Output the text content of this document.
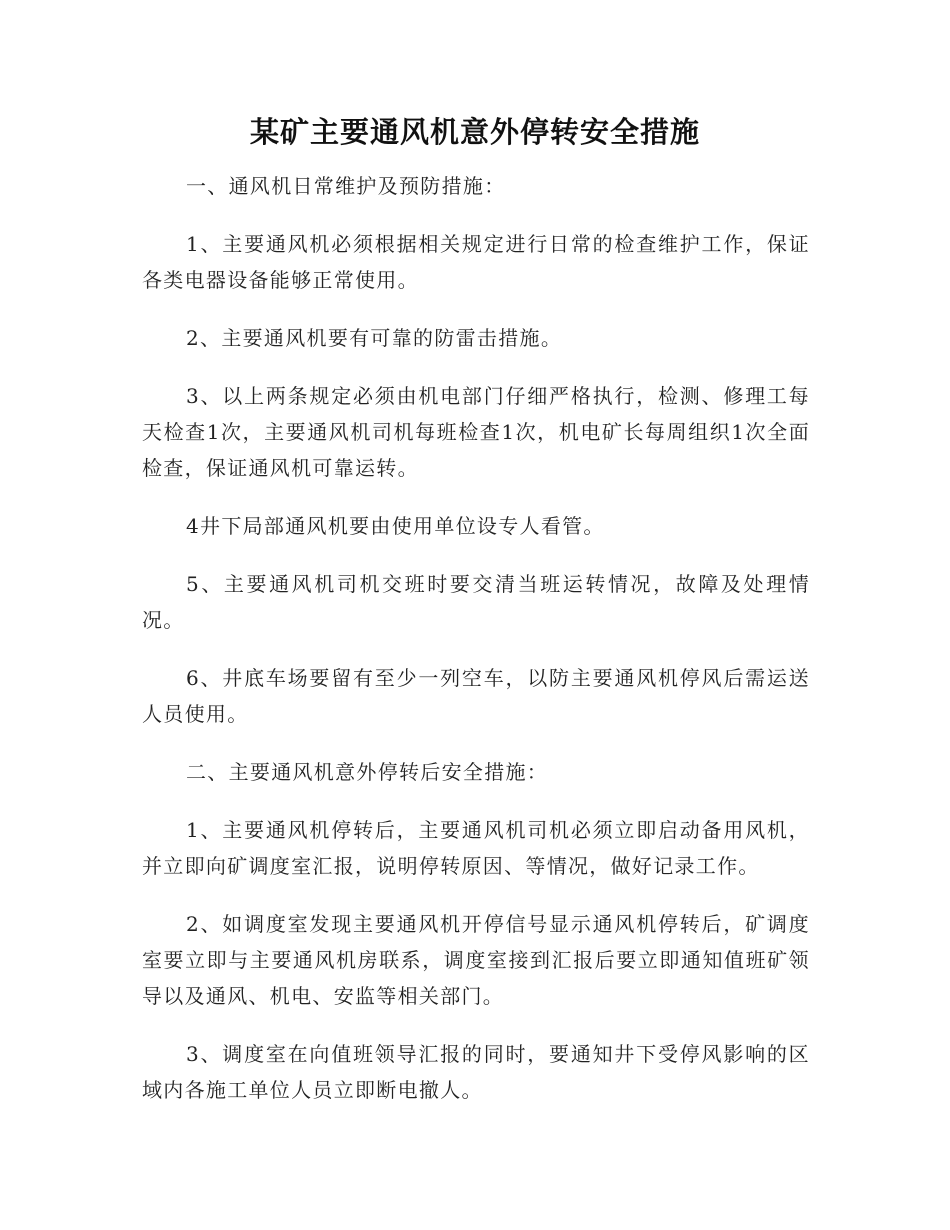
某矿主要通风机意外停转安全措施

一、通风机日常维护及预防措施：

1、主要通风机必须根据相关规定进行日常的检查维护工作，保证各类电器设备能够正常使用。

2、主要通风机要有可靠的防雷击措施。

3、以上两条规定必须由机电部门仔细严格执行，检测、修理工每天检查1次，主要通风机司机每班检查1次，机电矿长每周组织1次全面检查，保证通风机可靠运转。

4井下局部通风机要由使用单位设专人看管。

5、主要通风机司机交班时要交清当班运转情况，故障及处理情况。

6、井底车场要留有至少一列空车，以防主要通风机停风后需运送人员使用。

二、主要通风机意外停转后安全措施：

1、主要通风机停转后，主要通风机司机必须立即启动备用风机，并立即向矿调度室汇报，说明停转原因、等情况，做好记录工作。

2、如调度室发现主要通风机开停信号显示通风机停转后，矿调度室要立即与主要通风机房联系，调度室接到汇报后要立即通知值班矿领导以及通风、机电、安监等相关部门。

3、调度室在向值班领导汇报的同时，要通知井下受停风影响的区域内各施工单位人员立即断电撤人。
